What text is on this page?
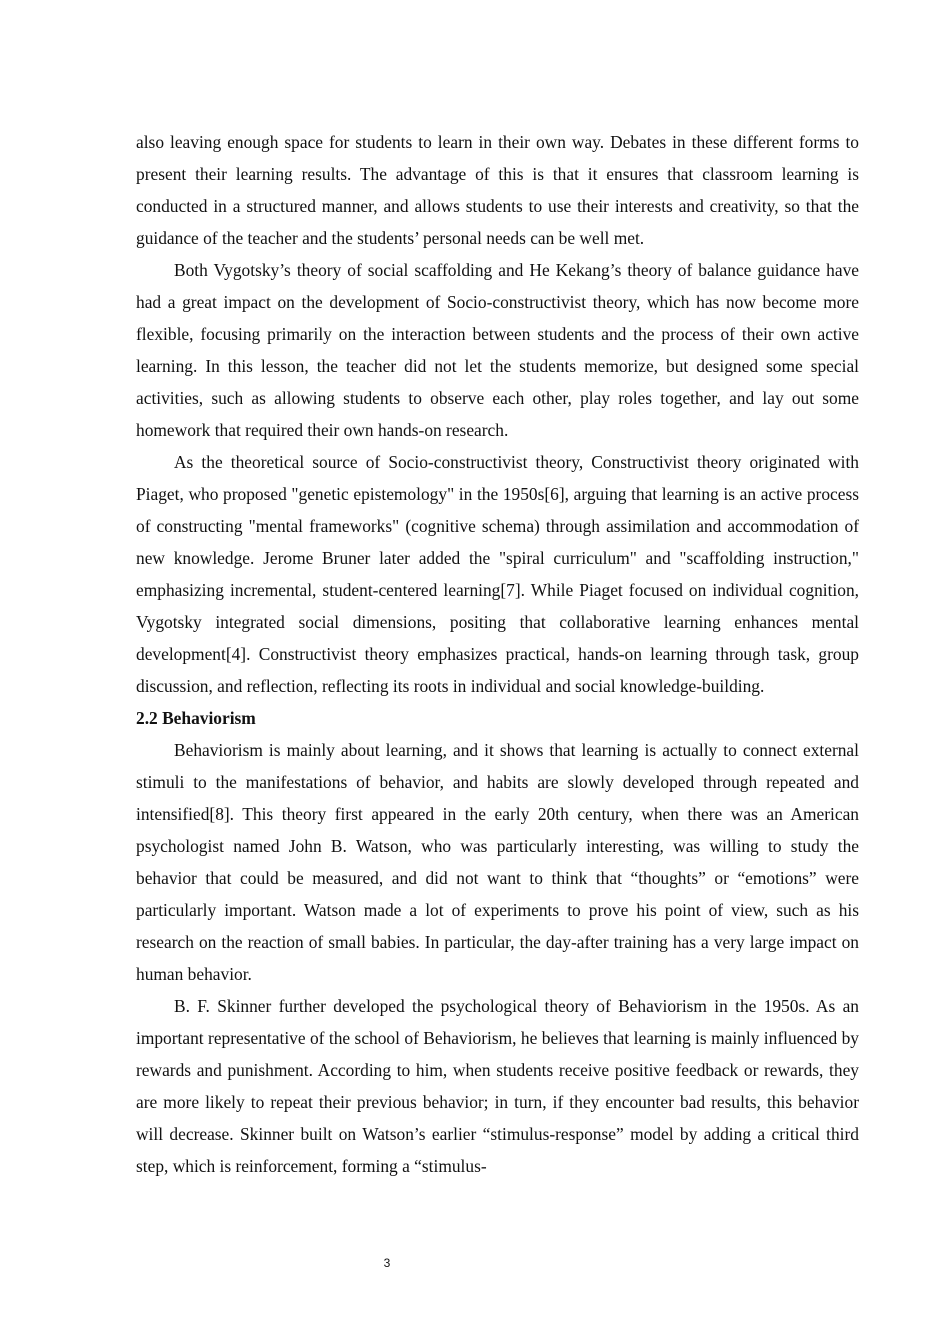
also leaving enough space for students to learn in their own way. Debates in these different forms to present their learning results. The advantage of this is that it ensures that classroom learning is conducted in a structured manner, and allows students to use their interests and creativity, so that the guidance of the teacher and the students’ personal needs can be well met.

Both Vygotsky’s theory of social scaffolding and He Kekang’s theory of balance guidance have had a great impact on the development of Socio-constructivist theory, which has now become more flexible, focusing primarily on the interaction between students and the process of their own active learning. In this lesson, the teacher did not let the students memorize, but designed some special activities, such as allowing students to observe each other, play roles together, and lay out some homework that required their own hands-on research.

As the theoretical source of Socio-constructivist theory, Constructivist theory originated with Piaget, who proposed "genetic epistemology" in the 1950s[6], arguing that learning is an active process of constructing "mental frameworks" (cognitive schema) through assimilation and accommodation of new knowledge. Jerome Bruner later added the "spiral curriculum" and "scaffolding instruction," emphasizing incremental, student-centered learning[7]. While Piaget focused on individual cognition, Vygotsky integrated social dimensions, positing that collaborative learning enhances mental development[4]. Constructivist theory emphasizes practical, hands-on learning through task, group discussion, and reflection, reflecting its roots in individual and social knowledge-building.

2.2 Behaviorism

Behaviorism is mainly about learning, and it shows that learning is actually to connect external stimuli to the manifestations of behavior, and habits are slowly developed through repeated and intensified[8]. This theory first appeared in the early 20th century, when there was an American psychologist named John B. Watson, who was particularly interesting, was willing to study the behavior that could be measured, and did not want to think that “thoughts” or “emotions” were particularly important. Watson made a lot of experiments to prove his point of view, such as his research on the reaction of small babies. In particular, the day-after training has a very large impact on human behavior.

B. F. Skinner further developed the psychological theory of Behaviorism in the 1950s. As an important representative of the school of Behaviorism, he believes that learning is mainly influenced by rewards and punishment. According to him, when students receive positive feedback or rewards, they are more likely to repeat their previous behavior; in turn, if they encounter bad results, this behavior will decrease. Skinner built on Watson’s earlier “stimulus-response” model by adding a critical third step, which is reinforcement, forming a “stimulus-

3
